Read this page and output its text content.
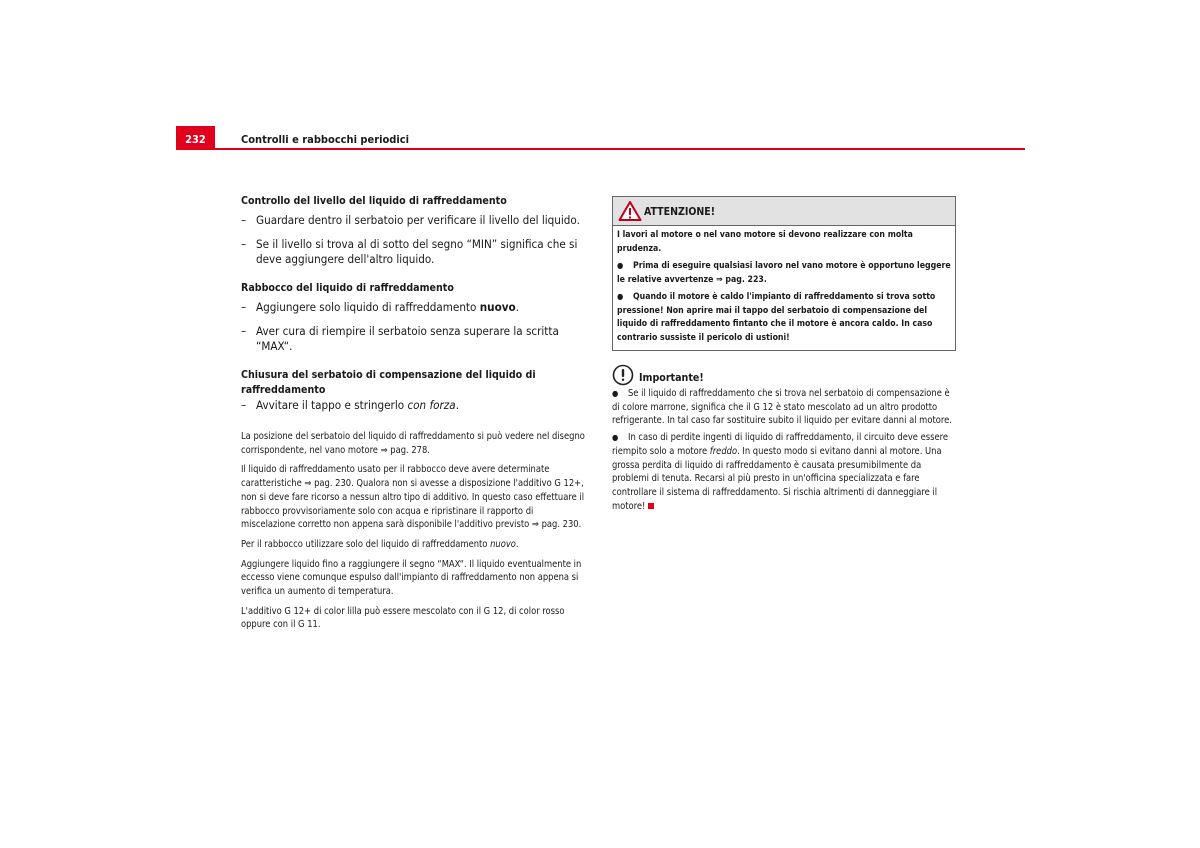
232	Controlli e rabbocchi periodici
Controllo del livello del liquido di raffreddamento
– Guardare dentro il serbatoio per verificare il livello del liquido.
– Se il livello si trova al di sotto del segno “MIN” significa che si deve aggiungere dell'altro liquido.
Rabbocco del liquido di raffreddamento
– Aggiungere solo liquido di raffreddamento nuovo.
– Aver cura di riempire il serbatoio senza superare la scritta “MAX“.
Chiusura del serbatoio di compensazione del liquido di raffreddamento
– Avvitare il tappo e stringerlo con forza.

La posizione del serbatoio del liquido di raffreddamento si può vedere nel disegno corrispondente, nel vano motore ⇒ pag. 278.

Il liquido di raffreddamento usato per il rabbocco deve avere determinate caratteristiche ⇒ pag. 230. Qualora non si avesse a disposizione l'additivo G 12+, non si deve fare ricorso a nessun altro tipo di additivo. In questo caso effettuare il rabbocco provvisoriamente solo con acqua e ripristinare il rapporto di miscelazione corretto non appena sarà disponibile l'additivo previsto ⇒ pag. 230.

Per il rabbocco utilizzare solo del liquido di raffreddamento nuovo.

Aggiungere liquido fino a raggiungere il segno “MAX“. Il liquido eventualmente in eccesso viene comunque espulso dall'impianto di raffreddamento non appena si verifica un aumento di temperatura.

L'additivo G 12+ di color lilla può essere mescolato con il G 12, di color rosso oppure con il G 11.

ATTENZIONE!

I lavori al motore o nel vano motore si devono realizzare con molta prudenza.

● Prima di eseguire qualsiasi lavoro nel vano motore è opportuno leggere le relative avvertenze ⇒ pag. 223.

● Quando il motore è caldo l'impianto di raffreddamento si trova sotto pressione! Non aprire mai il tappo del serbatoio di compensazione del liquido di raffreddamento fintanto che il motore è ancora caldo. In caso contrario sussiste il pericolo di ustioni!

Importante!

● Se il liquido di raffreddamento che si trova nel serbatoio di compensazione è di colore marrone, significa che il G 12 è stato mescolato ad un altro prodotto refrigerante. In tal caso far sostituire subito il liquido per evitare danni al motore.

● In caso di perdite ingenti di liquido di raffreddamento, il circuito deve essere riempito solo a motore freddo. In questo modo si evitano danni al motore. Una grossa perdita di liquido di raffreddamento è causata presumibilmente da problemi di tenuta. Recarsi al più presto in un'officina specializzata e fare controllare il sistema di raffreddamento. Si rischia altrimenti di danneggiare il motore!
